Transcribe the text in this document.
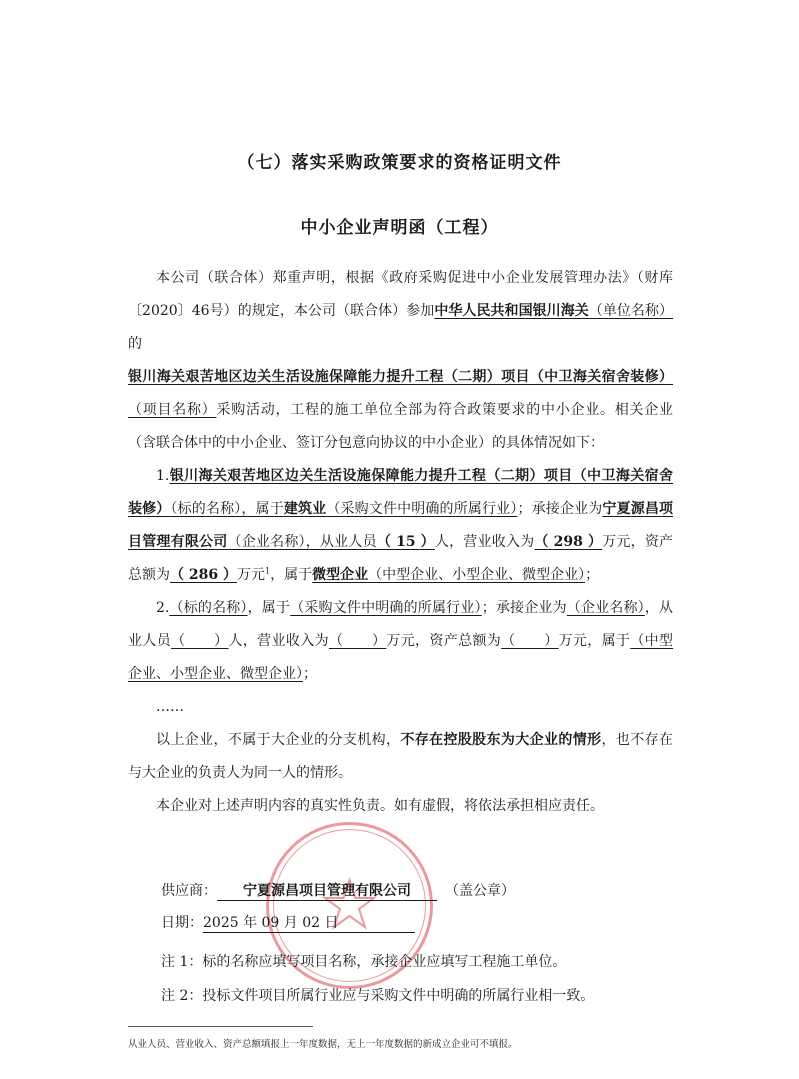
（七）落实采购政策要求的资格证明文件
中小企业声明函（工程）

本公司（联合体）郑重声明，根据《政府采购促进中小企业发展管理办法》（财库〔2020〕46号）的规定，本公司（联合体）参加中华人民共和国银川海关（单位名称）的银川海关艰苦地区边关生活设施保障能力提升工程（二期）项目（中卫海关宿舍装修）（项目名称）采购活动，工程的施工单位全部为符合政策要求的中小企业。相关企业（含联合体中的中小企业、签订分包意向协议的中小企业）的具体情况如下：

1.银川海关艰苦地区边关生活设施保障能力提升工程（二期）项目（中卫海关宿舍装修）（标的名称），属于建筑业（采购文件中明确的所属行业）；承接企业为宁夏源昌项目管理有限公司（企业名称），从业人员（ 15 ）人，营业收入为（ 298 ）万元，资产总额为（ 286 ）万元$^1$，属于微型企业（中型企业、小型企业、微型企业）；

2.（标的名称），属于（采购文件中明确的所属行业）；承接企业为（企业名称），从业人员（　　）人，营业收入为（　　）万元，资产总额为（　　）万元，属于（中型企业、小型企业、微型企业）；

……

以上企业，不属于大企业的分支机构，不存在控股股东为大企业的情形，也不存在与大企业的负责人为同一人的情形。

本企业对上述声明内容的真实性负责。如有虚假，将依法承担相应责任。

供应商： 宁夏源昌项目管理有限公司 （盖公章）
日期：2025 年 09 月 02 日
注 1：标的名称应填写项目名称，承接企业应填写工程施工单位。
注 2：投标文件项目所属行业应与采购文件中明确的所属行业相一致。
从业人员、营业收入、资产总额填报上一年度数据，无上一年度数据的新成立企业可不填报。
